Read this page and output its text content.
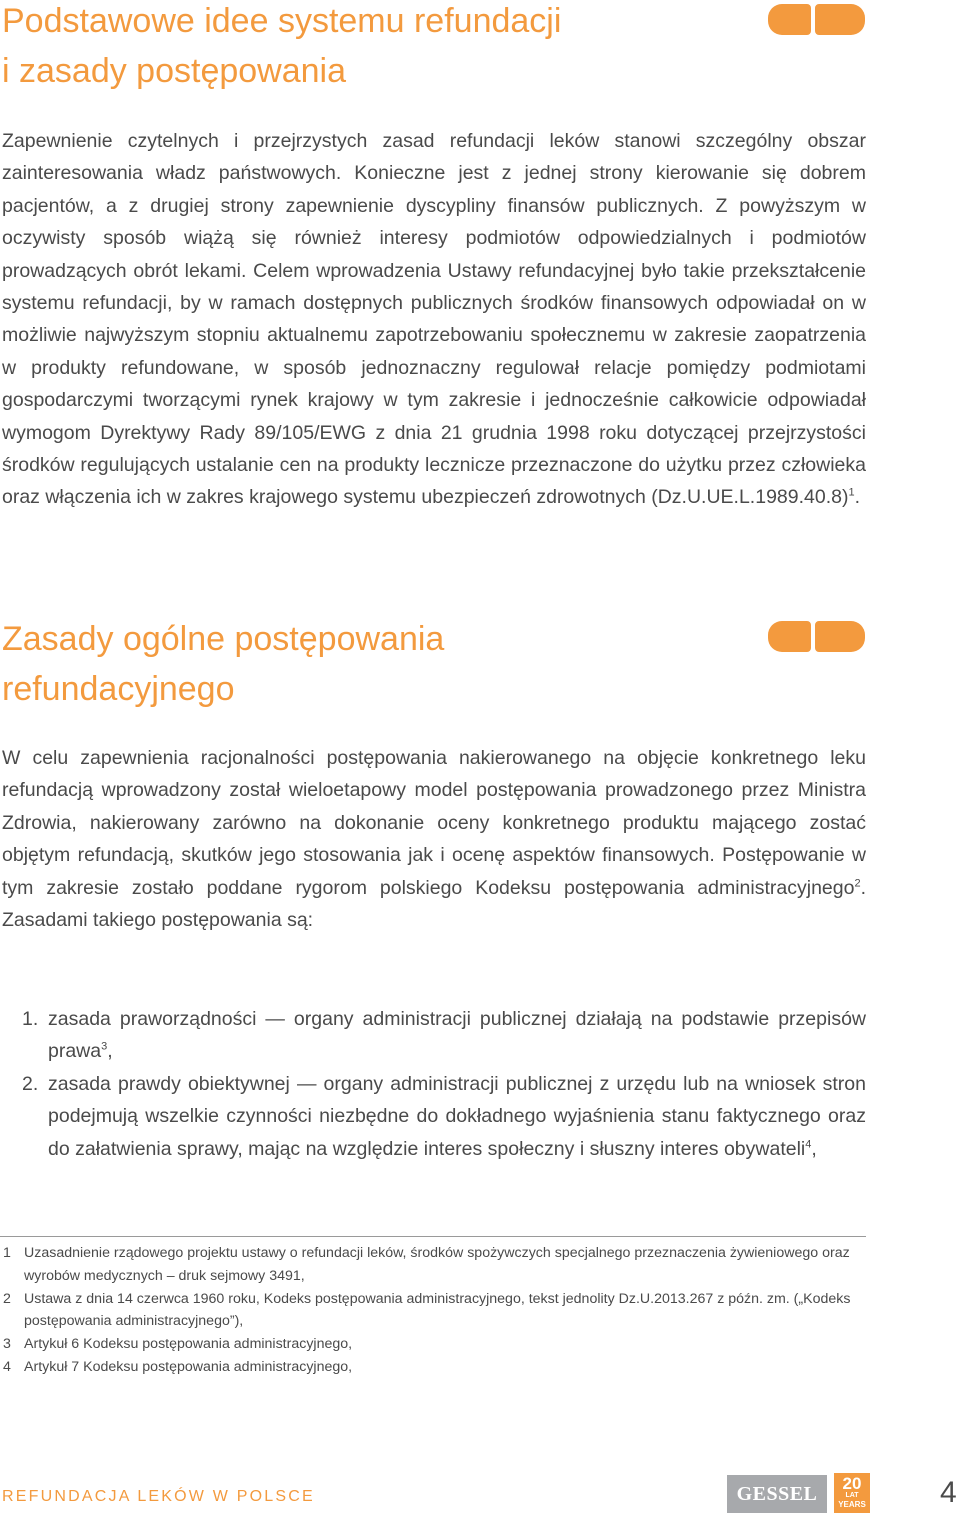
Podstawowe idee systemu refundacji
i zasady postępowania

Zapewnienie czytelnych i przejrzystych zasad refundacji leków stanowi szczególny obszar zainteresowania władz państwowych. Konieczne jest z jednej strony kierowanie się dobrem pacjentów, a z drugiej strony zapewnienie dyscypliny finansów publicznych. Z powyższym w oczywisty sposób wiążą się również interesy podmiotów odpowiedzialnych i podmiotów prowadzących obrót lekami. Celem wprowadzenia Ustawy refundacyjnej było takie przekształcenie systemu refundacji, by w ramach dostępnych publicznych środków finansowych odpowiadał on w możliwie najwyższym stopniu aktualnemu zapotrzebowaniu społecznemu w zakresie zaopatrzenia w produkty refundowane, w sposób jednoznaczny regulował relacje pomiędzy podmiotami gospodarczymi tworzącymi rynek krajowy w tym zakresie i jednocześnie całkowicie odpowiadał wymogom Dyrektywy Rady 89/105/EWG z dnia 21 grudnia 1998 roku dotyczącej przejrzystości środków regulujących ustalanie cen na produkty lecznicze przeznaczone do użytku przez człowieka oraz włączenia ich w zakres krajowego systemu ubezpieczeń zdrowotnych $(Dz.U.UE.L.1989.40.8)^1$.

Zasady ogólne postępowania
refundacyjnego

W celu zapewnienia racjonalności postępowania nakierowanego na objęcie konkretnego leku refundacją wprowadzony został wieloetapowy model postępowania prowadzonego przez Ministra Zdrowia, nakierowany zarówno na dokonanie oceny konkretnego produktu mającego zostać objętym refundacją, skutków jego stosowania jak i ocenę aspektów finansowych. Postępowanie w tym zakresie zostało poddane rygorom polskiego Kodeksu postępowania administracyjnego$^2$. Zasadami takiego postępowania są:

1. zasada praworządności — organy administracji publicznej działają na podstawie przepisów prawa$^3$,
2. zasada prawdy obiektywnej — organy administracji publicznej z urzędu lub na wniosek stron podejmują wszelkie czynności niezbędne do dokładnego wyjaśnienia stanu faktycznego oraz do załatwienia sprawy, mając na względzie interes społeczny i słuszny interes obywateli$^4$,
1 Uzasadnienie rządowego projektu ustawy o refundacji leków, środków spożywczych specjalnego przeznaczenia żywieniowego oraz wyrobów medycznych – druk sejmowy 3491,
2 Ustawa z dnia 14 czerwca 1960 roku, Kodeks postępowania administracyjnego, tekst jednolity Dz.U.2013.267 z późn. zm. („Kodeks postępowania administracyjnego”),
3 Artykuł 6 Kodeksu postępowania administracyjnego,
4 Artykuł 7 Kodeksu postępowania administracyjnego,
REFUNDACJA LEKÓW W POLSCE	GESSEL	20
LAT
YEARS 4
